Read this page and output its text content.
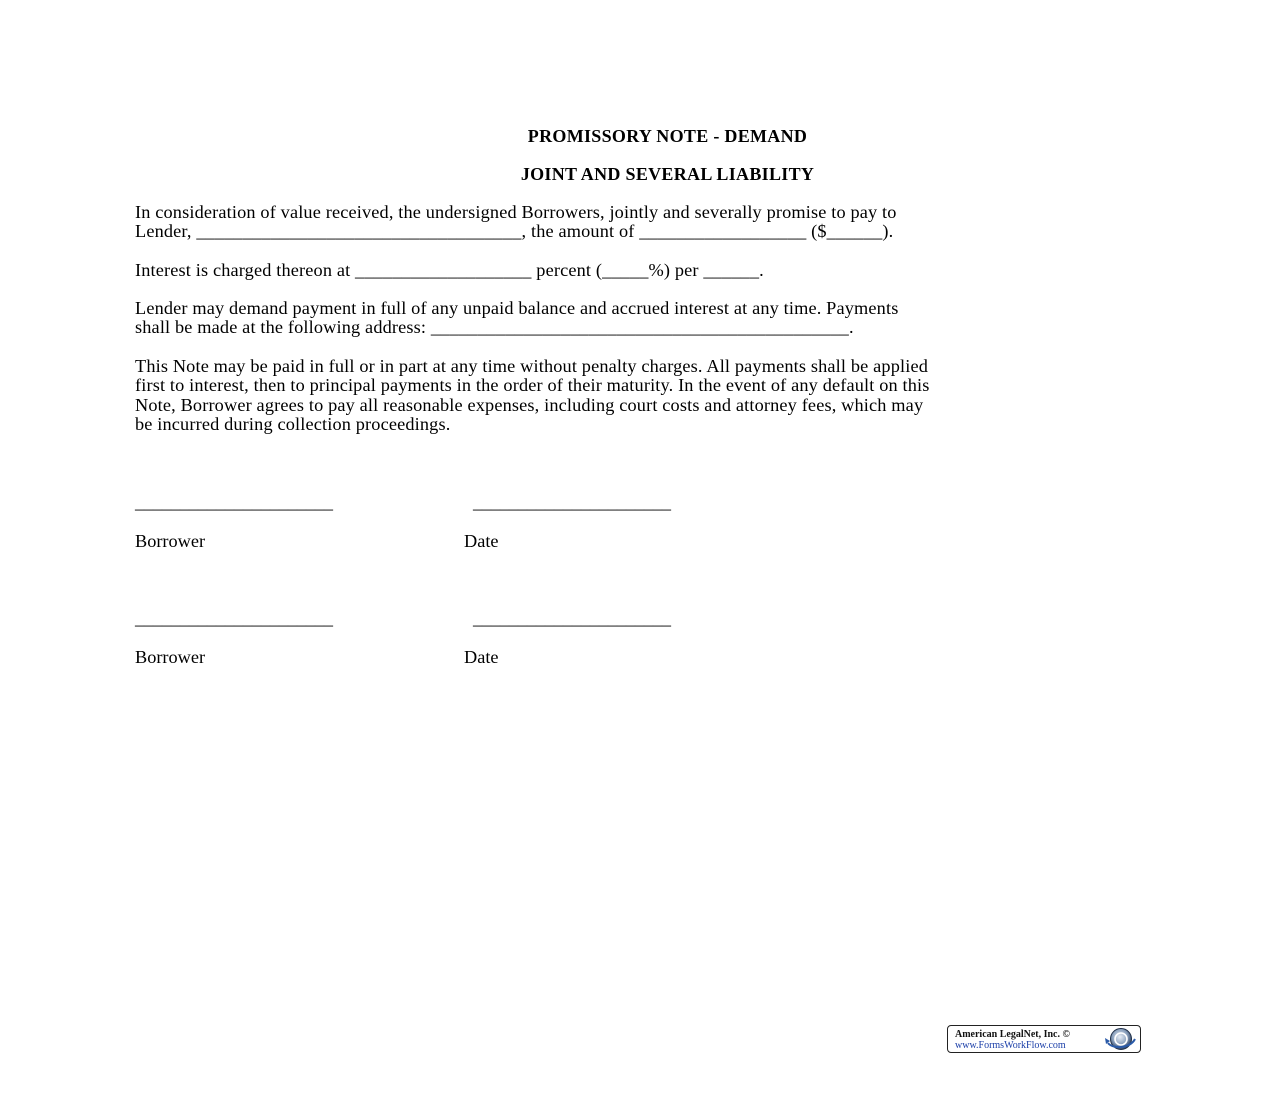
PROMISSORY NOTE - DEMAND
JOINT AND SEVERAL LIABILITY
In consideration of value received, the undersigned Borrowers, jointly and severally promise to pay to
Lender, ___________________________________, the amount of __________________ ($______).
Interest is charged thereon at ___________________ percent (_____%) per ______.
Lender may demand payment in full of any unpaid balance and accrued interest at any time. Payments
shall be made at the following address: _____________________________________________.
This Note may be paid in full or in part at any time without penalty charges. All payments shall be applied
first to interest, then to principal payments in the order of their maturity. In the event of any default on this
Note, Borrower agrees to pay all reasonable expenses, including court costs and attorney fees, which may
be incurred during collection proceedings.
______________________	______________________
Borrower	Date
______________________	______________________
Borrower	Date
American LegalNet, Inc. ©
www.FormsWorkFlow.com
